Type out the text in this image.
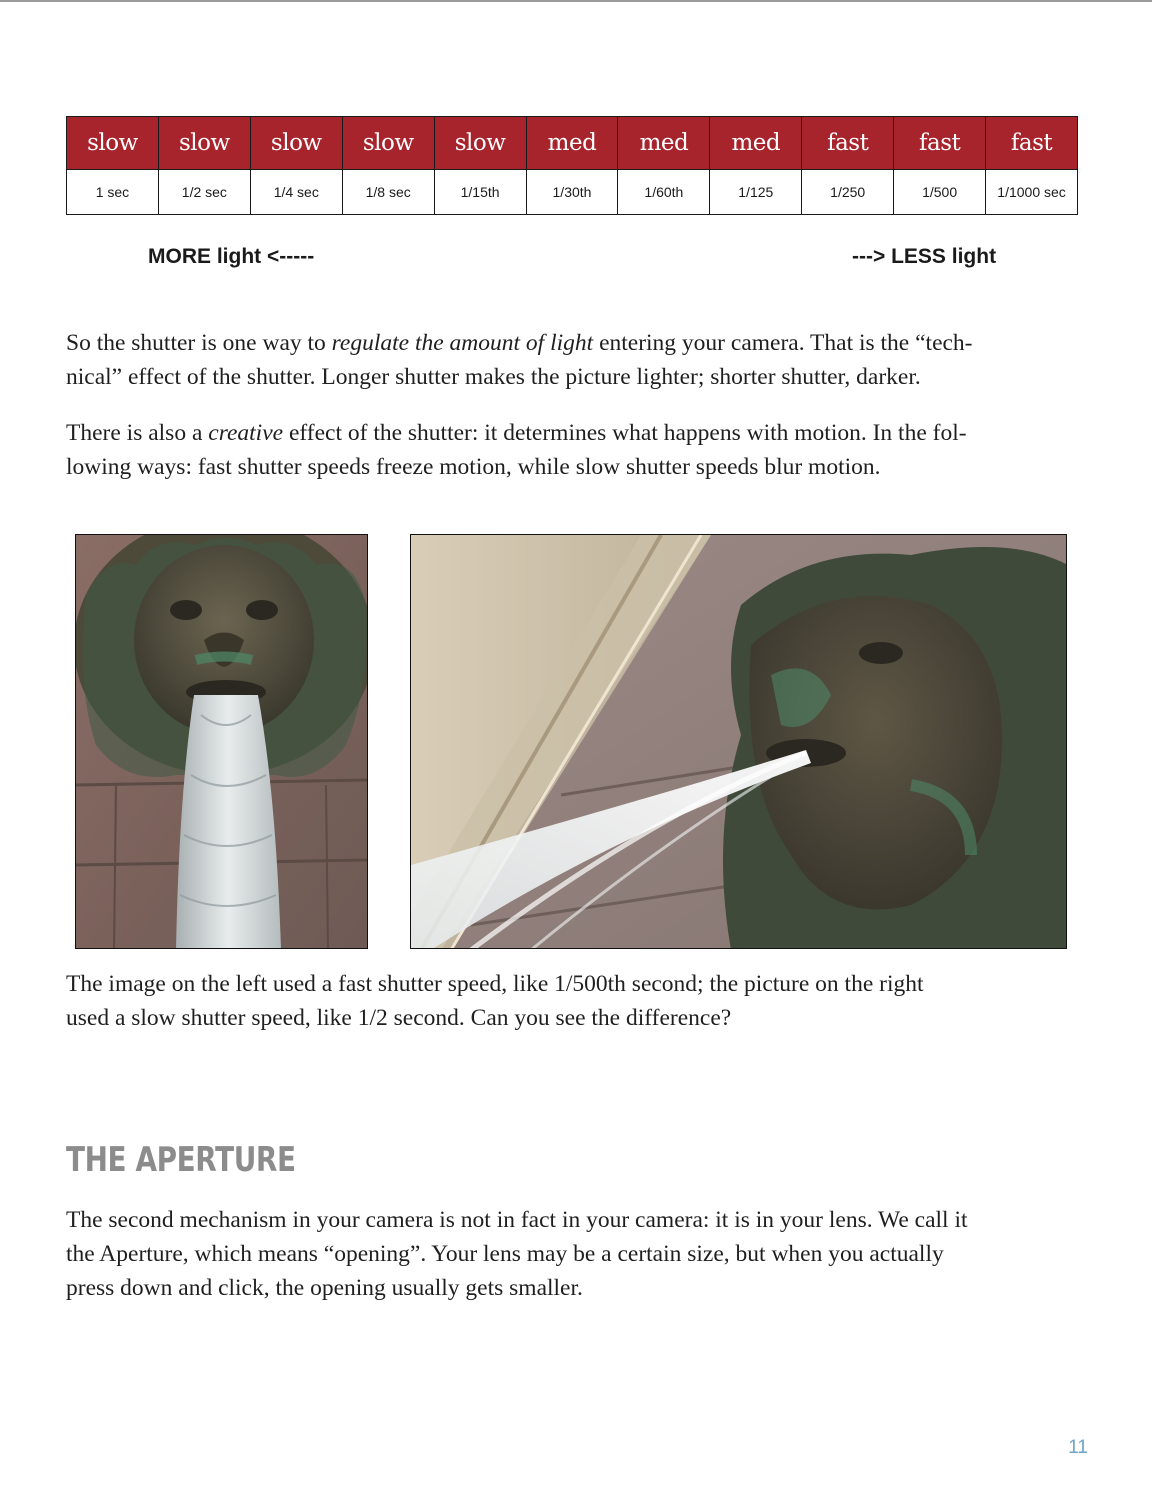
slow	slow	slow	slow	slow	med	med	med	fast	fast	fast
1 sec	1/2 sec	1/4 sec	1/8 sec	1/15th	1/30th	1/60th	1/125	1/250	1/500	1/1000 sec
MORE light <-----	---> LESS light

So the shutter is one way to regulate the amount of light entering your camera. That is the “tech-
nical” effect of the shutter. Longer shutter makes the picture lighter; shorter shutter, darker.

There is also a creative effect of the shutter: it determines what happens with motion. In the fol-
lowing ways: fast shutter speeds freeze motion, while slow shutter speeds blur motion.

The image on the left used a fast shutter speed, like 1/500th second; the picture on the right
used a slow shutter speed, like 1/2 second. Can you see the difference?

THE APERTURE

The second mechanism in your camera is not in fact in your camera: it is in your lens. We call it
the Aperture, which means “opening”. Your lens may be a certain size, but when you actually
press down and click, the opening usually gets smaller.

11
